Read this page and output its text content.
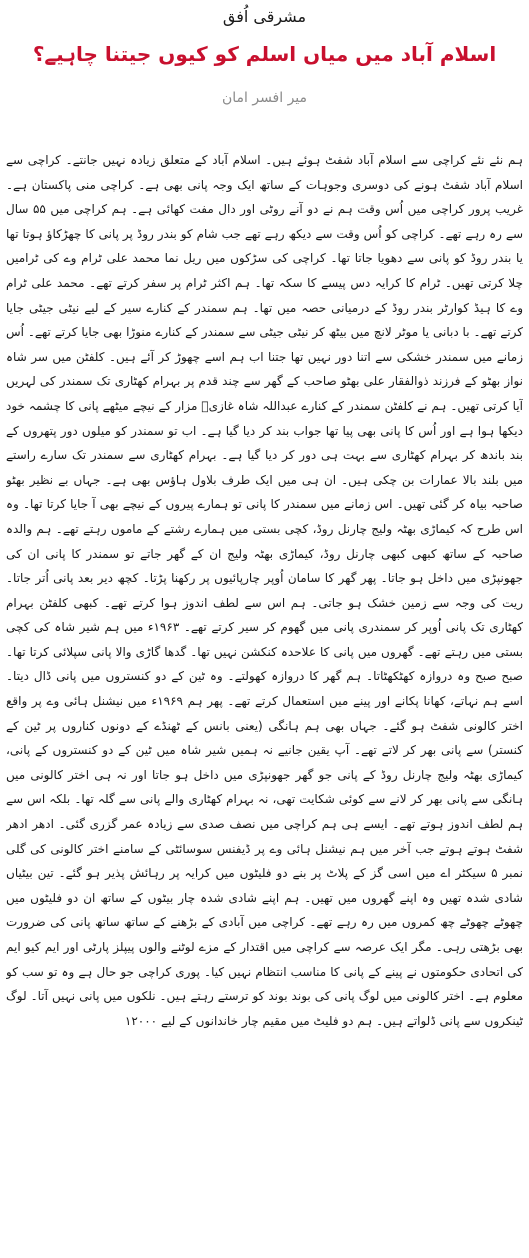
مشرقی اُفق
اسلام آباد میں میاں اسلم کو کیوں جیتنا چاہیے؟
میر افسر امان

ہم نئے نئے کراچی سے اسلام آباد شفٹ ہوئے ہیں۔ اسلام آباد کے متعلق زیادہ نہیں جانتے۔ کراچی سے اسلام آباد شفٹ ہونے کی دوسری وجوہات کے ساتھ ایک وجہ پانی بھی ہے۔ کراچی منی پاکستان ہے۔ غریب پرور کراچی میں اُس وقت ہم نے دو آنے روٹی اور دال مفت کھائی ہے۔ ہم کراچی میں ۵۵ سال سے رہ رہے تھے۔ کراچی کو اُس وقت سے دیکھ رہے تھے جب شام کو بندر روڈ پر پانی کا چھڑکاؤ ہوتا تھا یا بندر روڈ کو پانی سے دھویا جاتا تھا۔ کراچی کی سڑکوں میں ریل نما محمد علی ٹرام وے کی ٹرامیں چلا کرتی تھیں۔ ٹرام کا کرایہ دس پیسے کا سکہ تھا۔ ہم اکثر ٹرام پر سفر کرتے تھے۔ محمد علی ٹرام وے کا ہیڈ کوارٹر بندر روڈ کے درمیانی حصہ میں تھا۔ ہم سمندر کے کنارے سیر کے لیے نیٹی جیٹی جایا کرتے تھے۔ با دبانی یا موٹر لانچ میں بیٹھ کر نیٹی جیٹی سے سمندر کے کنارے منوڑا بھی جایا کرتے تھے۔ اُس زمانے میں سمندر خشکی سے اتنا دور نہیں تھا جتنا اب ہم اسے چھوڑ کر آئے ہیں۔ کلفٹن میں سر شاہ نواز بھٹو کے فرزند ذوالفقار علی بھٹو صاحب کے گھر سے چند قدم پر بہرام کھٹاری تک سمندر کی لہریں آیا کرتی تھیں۔ ہم نے کلفٹن سمندر کے کنارے عبداللہ شاہ غازیؒ مزار کے نیچے میٹھے پانی کا چشمہ خود دیکھا ہوا ہے اور اُس کا پانی بھی پیا تھا جواب بند کر دیا گیا ہے۔ اب تو سمندر کو میلوں دور پتھروں کے بند باندھ کر بہرام کھٹاری سے بہت ہی دور کر دیا گیا ہے۔ بہرام کھٹاری سے سمندر تک سارے راستے میں بلند بالا عمارات بن چکی ہیں۔ ان ہی میں ایک طرف بلاول ہاؤس بھی ہے۔ جہاں بے نظیر بھٹو صاحبہ بیاہ کر گئی تھیں۔ اس زمانے میں سمندر کا پانی تو ہمارے پیروں کے نیچے بھی آ جایا کرتا تھا۔ وہ اس طرح کہ کیماڑی بھٹہ ولیج چارنل روڈ، کچی بستی میں ہمارے رشتے کے ماموں رہتے تھے۔ ہم والدہ صاحبہ کے ساتھ کبھی کبھی چارنل روڈ، کیماڑی بھٹہ ولیج ان کے گھر جاتے تو سمندر کا پانی ان کی جھونپڑی میں داخل ہو جاتا۔ پھر گھر کا سامان اُوپر چارپائیوں پر رکھنا پڑتا۔ کچھ دیر بعد پانی اُتر جاتا۔ ریت کی وجہ سے زمین خشک ہو جاتی۔ ہم اس سے لطف اندوز ہوا کرتے تھے۔ کبھی کلفٹن بہرام کھٹاری تک پانی اُوپر کر سمندری پانی میں گھوم کر سیر کرتے تھے۔ ۱۹۶۳ء میں ہم شیر شاہ کی کچی بستی میں رہتے تھے۔ گھروں میں پانی کا علاحدہ کنکشن نہیں تھا۔ گدھا گاڑی والا پانی سپلائی کرتا تھا۔ صبح صبح وہ دروازہ کھٹکھٹاتا۔ ہم گھر کا دروازہ کھولتے۔ وہ ٹین کے دو کنستروں میں پانی ڈال دیتا۔ اسے ہم نہاتے، کھانا پکانے اور پینے میں استعمال کرتے تھے۔ پھر ہم ۱۹۶۹ء میں نیشنل ہائی وے پر واقع اختر کالونی شفٹ ہو گئے۔ جہاں بھی ہم ہانگی (یعنی بانس کے ٹھنڈے کے دونوں کناروں پر ٹین کے کنستر) سے پانی بھر کر لاتے تھے۔ آپ یقین جانیے نہ ہمیں شیر شاہ میں ٹین کے دو کنستروں کے پانی، کیماڑی بھٹہ ولیج چارنل روڈ کے پانی جو گھر جھونپڑی میں داخل ہو جاتا اور نہ ہی اختر کالونی میں ہانگی سے پانی بھر کر لانے سے کوئی شکایت تھی، نہ بہرام کھٹاری والے پانی سے گلہ تھا۔ بلکہ اس سے ہم لطف اندوز ہوتے تھے۔ ایسے ہی ہم کراچی میں نصف صدی سے زیادہ عمر گزری گئی۔ ادھر ادھر شفٹ ہوتے ہوتے جب آخر میں ہم نیشنل ہائی وے پر ڈیفنس سوسائٹی کے سامنے اختر کالونی کی گلی نمبر ۵ سیکٹر اے میں اسی گز کے پلاٹ پر بنے دو فلیٹوں میں کرایہ پر رہائش پذیر ہو گئے۔ تین بیٹیاں شادی شدہ تھیں وہ اپنے گھروں میں تھیں۔ ہم اپنے شادی شدہ چار بیٹوں کے ساتھ ان دو فلیٹوں میں چھوٹے چھوٹے چھ کمروں میں رہ رہے تھے۔ کراچی میں آبادی کے بڑھنے کے ساتھ ساتھ پانی کی ضرورت بھی بڑھتی رہی۔ مگر ایک عرصہ سے کراچی میں اقتدار کے مزے لوٹنے والوں پیپلز پارٹی اور ایم کیو ایم کی اتحادی حکومتوں نے پینے کے پانی کا مناسب انتظام نہیں کیا۔ پوری کراچی جو حال ہے وہ تو سب کو معلوم ہے۔ اختر کالونی میں لوگ پانی کی بوند بوند کو ترستے رہتے ہیں۔ نلکوں میں پانی نہیں آتا۔ لوگ ٹینکروں سے پانی ڈلواتے ہیں۔ ہم دو فلیٹ میں مقیم چار خاندانوں کے لیے ۱۲۰۰۰
